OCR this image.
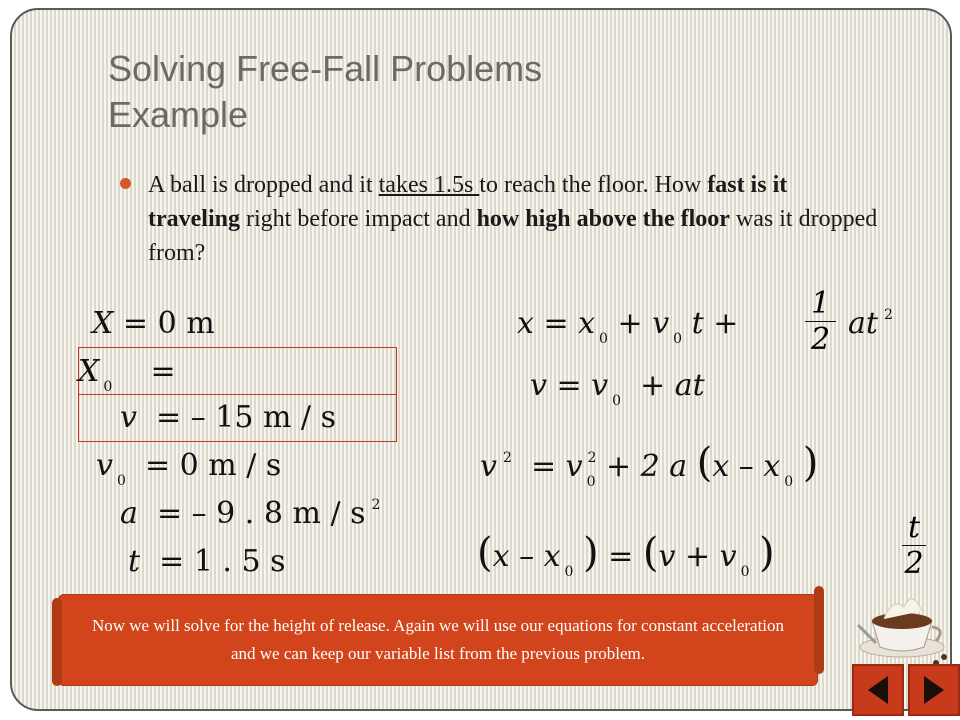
Solving Free-Fall Problems
Example
A ball is dropped and it takes 1.5s to reach the floor. How fast is it traveling right before impact and how high above the floor was it dropped from?
X = 0 m
X $_0$ =
v = – 15 m / s
v $_0$ = 0 m / s
a = – 9 . 8 m / s $^2$
t = 1 . 5 s
x = x $_0$ + v $_0$ $t + \frac{1}{2}$ at $^2$
v = v $_0$ + at
v $^2$ = v $_0^2$ + 2 a (x – x $_0$ )
(x – x $_0$ ) = (v + v $_0$ )	$\frac{t}{2}$
Now we will solve for the height of release. Again we will use our equations for constant acceleration and we can keep our variable list from the previous problem.
